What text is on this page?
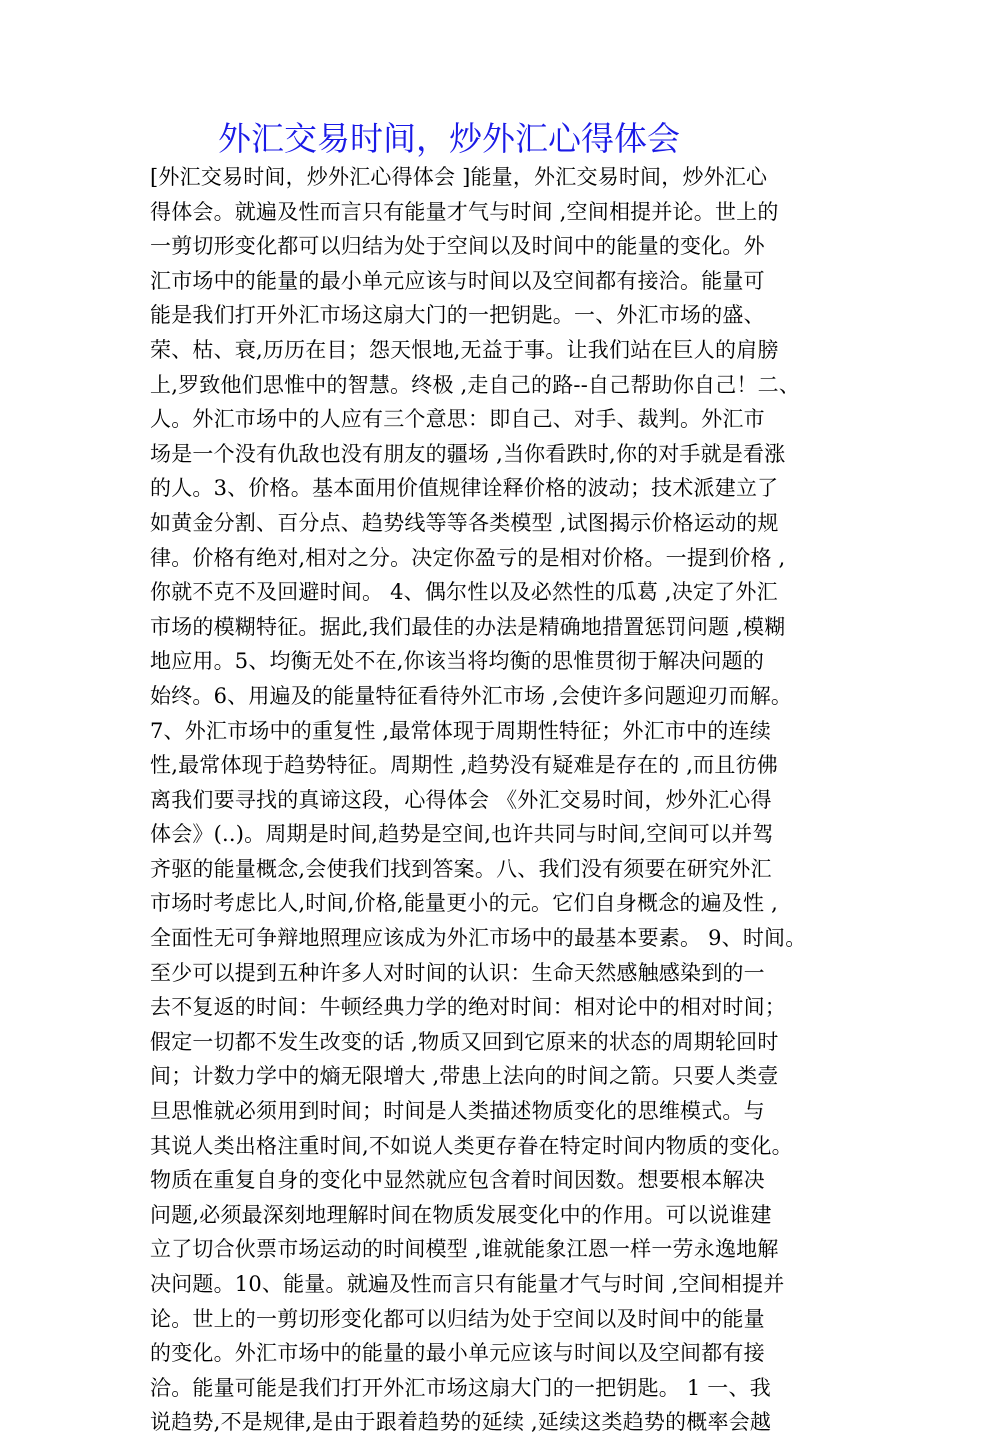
外汇交易时间，炒外汇心得体会
[外汇交易时间，炒外汇心得体会 ]能量，外汇交易时间，炒外汇心
得体会。就遍及性而言只有能量才气与时间 ,空间相提并论。世上的
一剪切形变化都可以归结为处于空间以及时间中的能量的变化。外
汇市场中的能量的最小单元应该与时间以及空间都有接洽。能量可
能是我们打开外汇市场这扇大门的一把钥匙。一、外汇市场的盛、
荣、枯、衰,历历在目；怨天恨地,无益于事。让我们站在巨人的肩膀
上,罗致他们思惟中的智慧。终极 ,走自己的路--自己帮助你自己！二、
人。外汇市场中的人应有三个意思：即自己、对手、裁判。外汇市
场是一个没有仇敌也没有朋友的疆场 ,当你看跌时,你的对手就是看涨
的人。3、价格。基本面用价值规律诠释价格的波动；技术派建立了
如黄金分割、百分点、趋势线等等各类模型 ,试图揭示价格运动的规
律。价格有绝对,相对之分。决定你盈亏的是相对价格。一提到价格 ,
你就不克不及回避时间。 4、偶尔性以及必然性的瓜葛 ,决定了外汇
市场的模糊特征。据此,我们最佳的办法是精确地措置惩罚问题 ,模糊
地应用。5、均衡无处不在,你该当将均衡的思惟贯彻于解决问题的
始终。6、用遍及的能量特征看待外汇市场 ,会使许多问题迎刃而解。
7、外汇市场中的重复性 ,最常体现于周期性特征；外汇市中的连续
性,最常体现于趋势特征。周期性 ,趋势没有疑难是存在的 ,而且彷佛
离我们要寻找的真谛这段，心得体会 《外汇交易时间，炒外汇心得
体会》(..)。周期是时间,趋势是空间,也许共同与时间,空间可以并驾
齐驱的能量概念,会使我们找到答案。八、我们没有须要在研究外汇
市场时考虑比人,时间,价格,能量更小的元。它们自身概念的遍及性 ,
全面性无可争辩地照理应该成为外汇市场中的最基本要素。 9、时间。
至少可以提到五种许多人对时间的认识：生命天然感触感染到的一
去不复返的时间：牛顿经典力学的绝对时间：相对论中的相对时间；
假定一切都不发生改变的话 ,物质又回到它原来的状态的周期轮回时
间；计数力学中的熵无限增大 ,带患上法向的时间之箭。只要人类壹
旦思惟就必须用到时间；时间是人类描述物质变化的思维模式。与
其说人类出格注重时间,不如说人类更存眷在特定时间内物质的变化。
物质在重复自身的变化中显然就应包含着时间因数。想要根本解决
问题,必须最深刻地理解时间在物质发展变化中的作用。可以说谁建
立了切合伙票市场运动的时间模型 ,谁就能象江恩一样一劳永逸地解
决问题。10、能量。就遍及性而言只有能量才气与时间 ,空间相提并
论。世上的一剪切形变化都可以归结为处于空间以及时间中的能量
的变化。外汇市场中的能量的最小单元应该与时间以及空间都有接
洽。能量可能是我们打开外汇市场这扇大门的一把钥匙。 1 一、我
说趋势,不是规律,是由于跟着趋势的延续 ,延续这类趋势的概率会越
